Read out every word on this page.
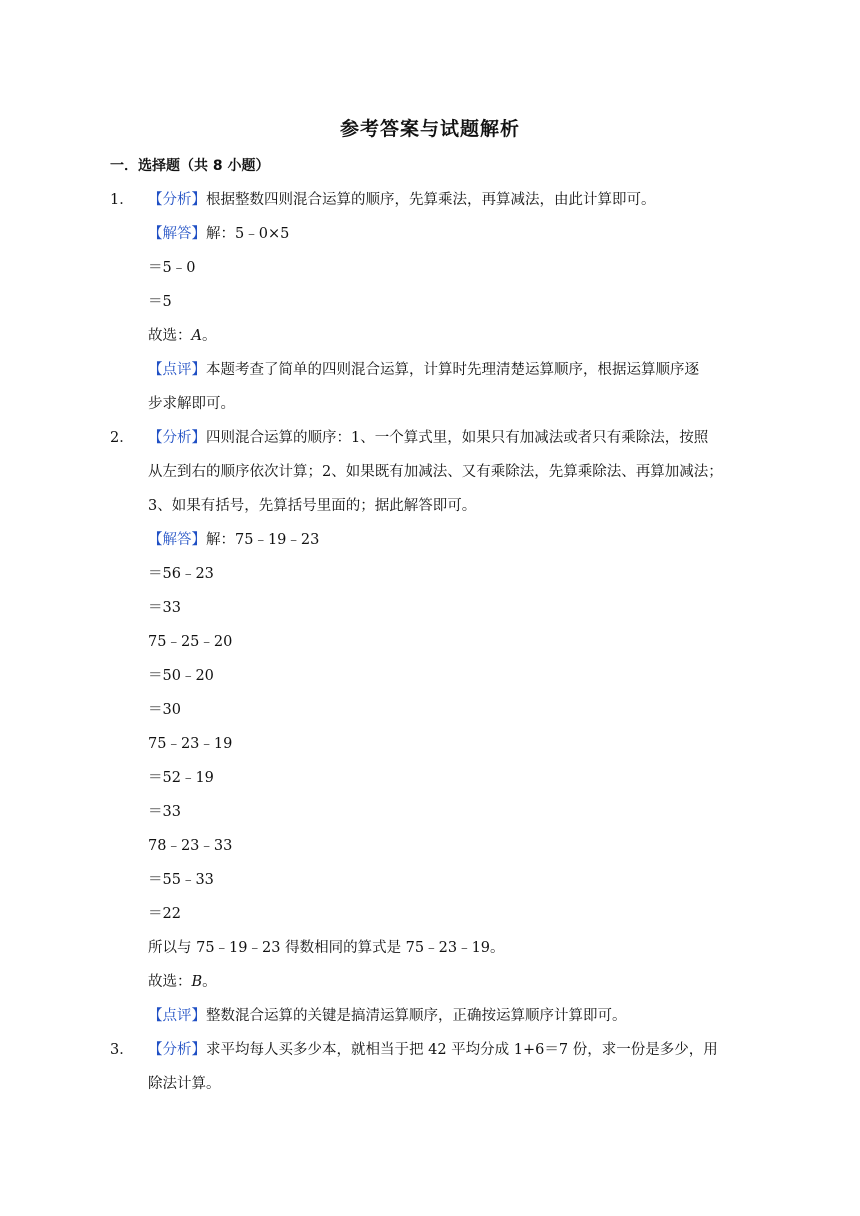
参考答案与试题解析
一．选择题（共 8 小题）
1． 【分析】根据整数四则混合运算的顺序，先算乘法，再算减法，由此计算即可。
【解答】解：5﹣0×5
＝5﹣0
＝5
故选：A。
【点评】本题考查了简单的四则混合运算，计算时先理清楚运算顺序，根据运算顺序逐
步求解即可。
2． 【分析】四则混合运算的顺序：1、一个算式里，如果只有加减法或者只有乘除法，按照
从左到右的顺序依次计算；2、如果既有加减法、又有乘除法，先算乘除法、再算加减法；
3、如果有括号，先算括号里面的；据此解答即可。
【解答】解：75﹣19﹣23
＝56﹣23
＝33
75﹣25﹣20
＝50﹣20
＝30
75﹣23﹣19
＝52﹣19
＝33
78﹣23﹣33
＝55﹣33
＝22
所以与 75﹣19﹣23 得数相同的算式是 75﹣23﹣19。
故选：B。
【点评】整数混合运算的关键是搞清运算顺序，正确按运算顺序计算即可。
3． 【分析】求平均每人买多少本，就相当于把 42 平均分成 1+6＝7 份，求一份是多少，用
除法计算。
